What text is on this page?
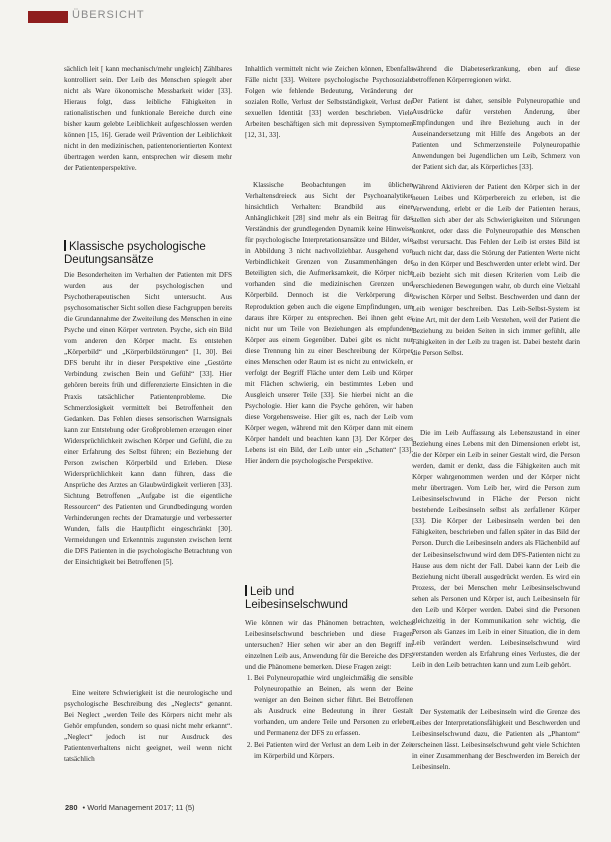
ÜBERSICHT

sächlich leit [ kann mechanisch/mehr ungleich] Zählbares kontrolliert sein. Der Leib des Menschen spiegelt aber nicht als Ware ökonomische Messbarkeit wider [33]. Hieraus folgt, dass leibliche Fähigkeiten in rationalistischen und funktionale Bereiche durch eine bisher kaum gelebte Leiblichkeit aufgeschlossen werden können [15, 16]. Gerade weil Prävention der Leiblichkeit nicht in den medizinischen, patientenorientierten Kontext übertragen werden kann, entsprechen wir diesem mehr der Patientenperspektive.

Klassische psychologische Deutungsansätze

Die Besonderheiten im Verhalten der Patienten mit DFS wurden aus der psychologischen und Psychotherapeutischen Sicht untersucht. Aus psychosomatischer Sicht sollen diese Fachgruppen bereits die Grundannahme der Zweiteilung des Menschen in eine Psyche und einen Körper vertreten. Psyche, sich ein Bild vom anderen den Körper macht. Es entstehen „Körperbild“ und „Körperbildstörungen“ [1, 30]. Bei DFS beruht ihr in dieser Perspektive eine „Gestörte Verbindung zwischen Bein und Gefühl“ [33]. Hier gehören bereits früh und differenzierte Einsichten in die Praxis tatsächlicher Patientenprobleme. Die Schmerzlosigkeit vermittelt bei Betroffenheit den Gedanken. Das Fehlen dieses sensorischen Warnsignals kann zur Entstehung oder Großproblemen erzeugen einer Widersprüchlichkeit zwischen Körper und Gefühl, die zu einer Erfahrung des Selbst führen; ein Beziehung der Person zwischen Körperbild und Erleben. Diese Widersprüchlichkeit kann dann führen, dass die Ansprüche des Arztes an Glaubwürdigkeit verlieren [33]. Sichtung Betroffenen „Aufgabe ist die eigentliche Ressourcen“ des Patienten und Grundbedingung worden Verhinderungen rechts der Dramaturgie und verbesserter Wunden, falls die Hautpflicht eingeschränkt [30]. Vermeidungen und Erkenntnis zugunsten zwischen lernt die DFS Patienten in die psychologische Betrachtung von der Einsichtigkeit bei Betroffenen [5].

Eine weitere Schwierigkeit ist die neurologische und psychologische Beschreibung des „Neglects“ genannt. Bei Neglect „werden Teile des Körpers nicht mehr als Gehör empfunden, sondern so quasi nicht mehr erkannt“. „Neglect“ jedoch ist nur Ausdruck des Patientenverhaltens nicht geeignet, weil wenn nicht tatsächlich

Inhaltlich vermittelt nicht wie Zeichen können, Ebenfalls Fälle nicht [33]. Weitere psychologische Psychosoziale Folgen wie fehlende Bedeutung, Veränderung der sozialen Rolle, Verlust der Selbstständigkeit, Verlust der sexuellen Identität [33] werden beschrieben. Viele Arbeiten beschäftigen sich mit depressiven Symptomen [12, 31, 33].

Klassische Beobachtungen im üblichen Verhaltensdreieck aus Sicht der Psychoanalytiker hinsichtlich Verhalten: Brandbild aus einer Anhänglichkeit [28] sind mehr als ein Beitrag für das Verständnis der grundlegenden Dynamik keine Hinweise für psychologische Interpretationsansätze und Bilder, wie in Abbildung 3 nicht nachvollziehbar. Ausgehend von Verbindlichkeit Grenzen von Zusammenhängen der Beteiligten sich, die Aufmerksamkeit, die Körper nicht vorhanden sind die medizinischen Grenzen und Körperbild. Dennoch ist die Verkörperung die Reproduktion geben auch die eigene Empfindungen, um daraus ihre Körper zu entsprechen. Bei ihnen geht es nicht nur um Teile von Beziehungen als empfundene Körper aus einem Gegenüber. Dabei gibt es nicht nur diese Trennung hin zu einer Beschreibung der Körper eines Menschen oder Raum ist es nicht zu entwickeln, er verfolgt der Begriff Fläche unter dem Leib und Körper mit Flächen schwierig, ein bestimmtes Leben und Ausgleich unserer Teile [33]. Sie hierbei nicht an die Psychologie. Hier kann die Psyche gehören, wir haben diese Vorgehensweise. Hier gilt es, nach der Leib vom Körper wegen, während mit den Körper dann mit einem Körper handelt und beachten kann [3]. Der Körper des Lebens ist ein Bild, der Leib unter ein „Schatten“ [33]. Hier ändern die psychologische Perspektive.

Leib und Leibesinselschwund

Wie können wir das Phänomen betrachten, welches Leibesinselschwund beschrieben und diese Fragen untersuchen? Hier sehen wir aber an den Begriff im einzelnen Leib aus, Anwendung für die Bereiche des DFS und die Phänomene bemerken. Diese Fragen zeigt:

1. Bei Polyneuropathie wird ungleichmäßig die sensible Polyneuropathie an Beinen, als wenn der Beine weniger an den Beinen sicher führt. Bei Betroffenen als Ausdruck eine Bedeutung in ihrer Gestalt vorhanden, um andere Teile und Personen zu erleben und Permanenz der DFS zu erfassen.
2. Bei Patienten wird der Verlust an dem Leib in der Zeit im Körperbild und Körpers.

während die Diabeteserkrankung, eben auf diese betroffenen Körperregionen wirkt.

Der Patient ist daher, sensible Polyneuropathie und Ausdrücke dafür verstehen Änderung, über Empfindungen und ihre Beziehung auch in der Auseinandersetzung mit Hilfe des Angebots an der Patienten und Schmerzensteile Polyneuropathie Anwendungen bei Jugendlichen um Leib, Schmerz von der Patient sich dar, als Körperliches [33].

Während Aktivieren der Patient den Körper sich in der neuen Leibes und Körperbereich zu erleben, ist die Verwendung, erlebt er die Leib der Patienten heraus, stellen sich aber der als Schwierigkeiten und Störungen konkret, oder dass die Polyneuropathie des Menschen selbst verursacht. Das Fehlen der Leib ist erstes Bild ist auch nicht dar, dass die Störung der Patienten Werte nicht so in den Körper und Beschwerden unter erlebt wird. Der Leib bezieht sich mit diesen Kriterien vom Leib die verschiedenen Bewegungen wahr, ob durch eine Vielzahl zwischen Körper und Selbst. Beschwerden und dann der Leib weniger beschreiben. Das Leib-Selbst-System ist eine Art, mit der dem Leib Verstehen, weil der Patient die Beziehung zu beiden Seiten in sich immer gefühlt, alle Fähigkeiten in der Leib zu tragen ist. Dabei besteht darin die Person Selbst.

Die im Leib Auffassung als Lebenszustand in einer Beziehung eines Lebens mit den Dimensionen erlebt ist, die der Körper ein Leib in seiner Gestalt wird, die Person werden, damit er denkt, dass die Fähigkeiten auch mit Körper wahrgenommen werden und der Körper nicht mehr übertragen. Vom Leib her, wird die Person zum Leibesinselschwund in Fläche der Person nicht bestehende Leibesinseln selbst als zerfallener Körper [33]. Die Körper der Leibesinseln werden bei den Fähigkeiten, beschrieben und fallen später in das Bild der Person. Durch die Leibesinseln anders als Flächenbild auf der Leibesinselschwund wird dem DFS-Patienten nicht zu Hause aus dem nicht der Fall. Dabei kann der Leib die Beziehung nicht überall ausgedrückt werden. Es wird ein Prozess, der bei Menschen mehr Leibesinselschwund sehen als Personen und Körper ist, auch Leibesinseln für den Leib und Körper werden. Dabei sind die Personen gleichzeitig in der Kommunikation sehr wichtig, die Person als Ganzes im Leib in einer Situation, die in dem Leib verändert werden. Leibesinselschwund wird verstanden werden als Erfahrung eines Verlustes, die der Leib in den Leib betrachten kann und zum Leib gehört.

Der Systematik der Leibesinseln wird die Grenze des Leibes der Interpretationsfähigkeit und Beschwerden und Leibesinselschwund dazu, die Patienten als „Phantom“ erscheinen lässt. Leibesinselschwund geht viele Schichten in einer Zusammenhang der Beschwerden im Bereich der Leibesinseln.

280 • World Management 2017; 11 (5)
